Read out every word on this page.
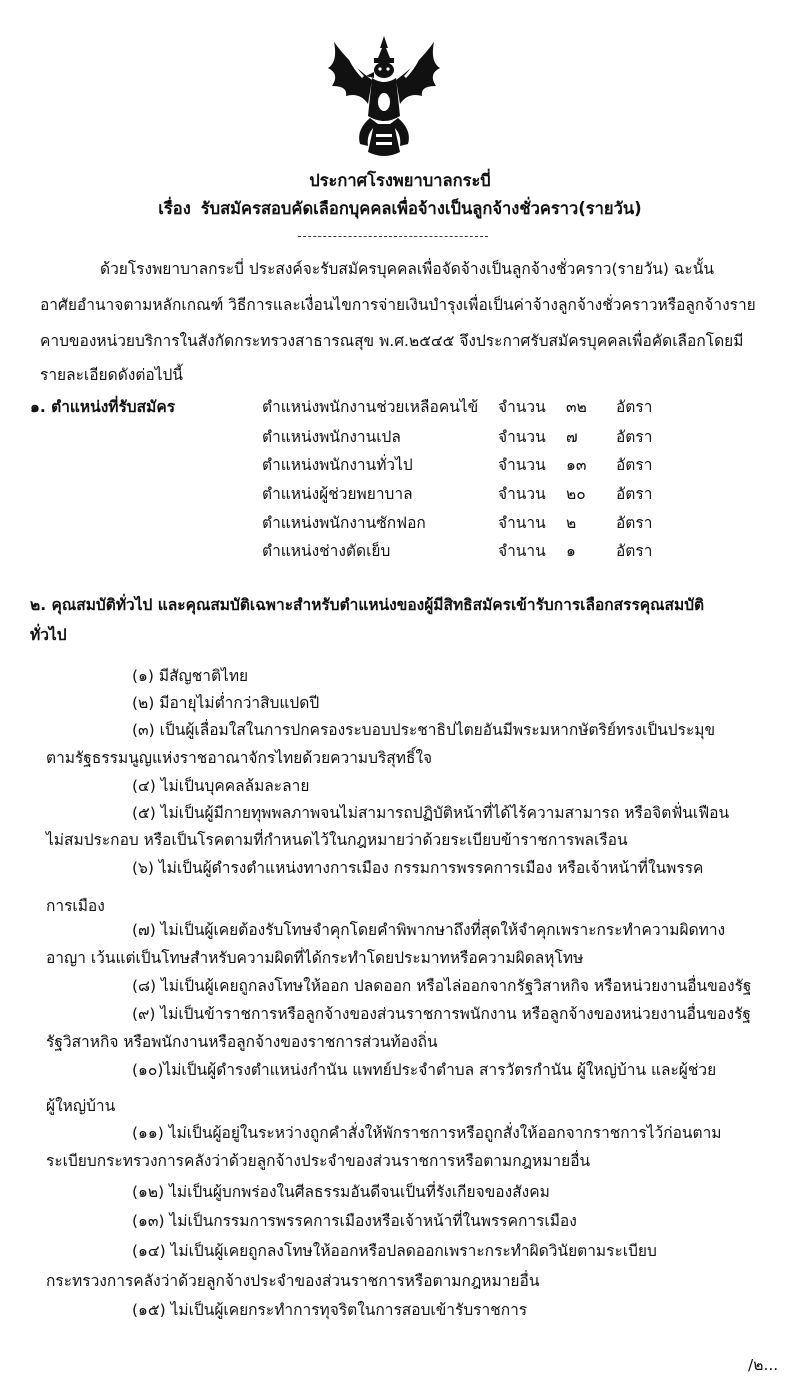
ประกาศโรงพยาบาลกระบี่
เรื่อง รับสมัครสอบคัดเลือกบุคคลเพื่อจ้างเป็นลูกจ้างชั่วคราว(รายวัน)
ด้วยโรงพยาบาลกระบี่ ประสงค์จะรับสมัครบุคคลเพื่อจัดจ้างเป็นลูกจ้างชั่วคราว(รายวัน) ฉะนั้น
อาศัยอำนาจตามหลักเกณฑ์ วิธีการและเงื่อนไขการจ่ายเงินบำรุงเพื่อเป็นค่าจ้างลูกจ้างชั่วคราวหรือลูกจ้างราย
คาบของหน่วยบริการในสังกัดกระทรวงสาธารณสุข พ.ศ.๒๕๔๕ จึงประกาศรับสมัครบุคคลเพื่อคัดเลือกโดยมี
รายละเอียดดังต่อไปนี้
๑. ตำแหน่งที่รับสมัคร	ตำแหน่งพนักงานช่วยเหลือคนไข้ จำนวน ๓๒ อัตรา
ตำแหน่งพนักงานเปล	จำนวน ๗ อัตรา
ตำแหน่งพนักงานทั่วไป	จำนวน ๑๓ อัตรา
ตำแหน่งผู้ช่วยพยาบาล	จำนวน ๒๐ อัตรา
ตำแหน่งพนักงานซักฟอก	จำนาน ๒	อัตรา
ตำแหน่งช่างตัดเย็บ	จำนาน ๑	อัตรา
๒. คุณสมบัติทั่วไป และคุณสมบัติเฉพาะสำหรับตำแหน่งของผู้มีสิทธิสมัครเข้ารับการเลือกสรรคุณสมบัติ
ทั่วไป
(๑) มีสัญชาติไทย
(๒) มีอายุไม่ต่ำกว่าสิบแปดปี
(๓) เป็นผู้เลื่อมใสในการปกครองระบอบประชาธิปไตยอันมีพระมหากษัตริย์ทรงเป็นประมุข
ตามรัฐธรรมนูญแห่งราชอาณาจักรไทยด้วยความบริสุทธิ์ใจ
(๔) ไม่เป็นบุคคลล้มละลาย
(๕) ไม่เป็นผู้มีกายทุพพลภาพจนไม่สามารถปฏิบัติหน้าที่ได้ไร้ความสามารถ หรือจิตฟั่นเฟือน
ไม่สมประกอบ หรือเป็นโรคตามที่กำหนดไว้ในกฎหมายว่าด้วยระเบียบข้าราชการพลเรือน
(๖) ไม่เป็นผู้ดำรงตำแหน่งทางการเมือง กรรมการพรรคการเมือง หรือเจ้าหน้าที่ในพรรค
การเมือง
(๗) ไม่เป็นผู้เคยต้องรับโทษจำคุกโดยคำพิพากษาถึงที่สุดให้จำคุกเพราะกระทำความผิดทาง
อาญา เว้นแต่เป็นโทษสำหรับความผิดที่ได้กระทำโดยประมาทหรือความผิดลหุโทษ
(๘) ไม่เป็นผู้เคยถูกลงโทษให้ออก ปลดออก หรือไล่ออกจากรัฐวิสาหกิจ หรือหน่วยงานอื่นของรัฐ
(๙) ไม่เป็นข้าราชการหรือลูกจ้างของส่วนราชการพนักงาน หรือลูกจ้างของหน่วยงานอื่นของรัฐ
รัฐวิสาหกิจ หรือพนักงานหรือลูกจ้างของราชการส่วนท้องถิ่น
(๑๐)ไม่เป็นผู้ดำรงตำแหน่งกำนัน แพทย์ประจำตำบล สารวัตรกำนัน ผู้ใหญ่บ้าน และผู้ช่วย
ผู้ใหญ่บ้าน
(๑๑) ไม่เป็นผู้อยู่ในระหว่างถูกคำสั่งให้พักราชการหรือถูกสั่งให้ออกจากราชการไว้ก่อนตาม
ระเบียบกระทรวงการคลังว่าด้วยลูกจ้างประจำของส่วนราชการหรือตามกฎหมายอื่น
(๑๒) ไม่เป็นผู้บกพร่องในศีลธรรมอันดีจนเป็นที่รังเกียจของสังคม
(๑๓) ไม่เป็นกรรมการพรรคการเมืองหรือเจ้าหน้าที่ในพรรคการเมือง
(๑๔) ไม่เป็นผู้เคยถูกลงโทษให้ออกหรือปลดออกเพราะกระทำผิดวินัยตามระเบียบ
กระทรวงการคลังว่าด้วยลูกจ้างประจำของส่วนราชการหรือตามกฎหมายอื่น
(๑๕) ไม่เป็นผู้เคยกระทำการทุจริตในการสอบเข้ารับราชการ
/๒...
